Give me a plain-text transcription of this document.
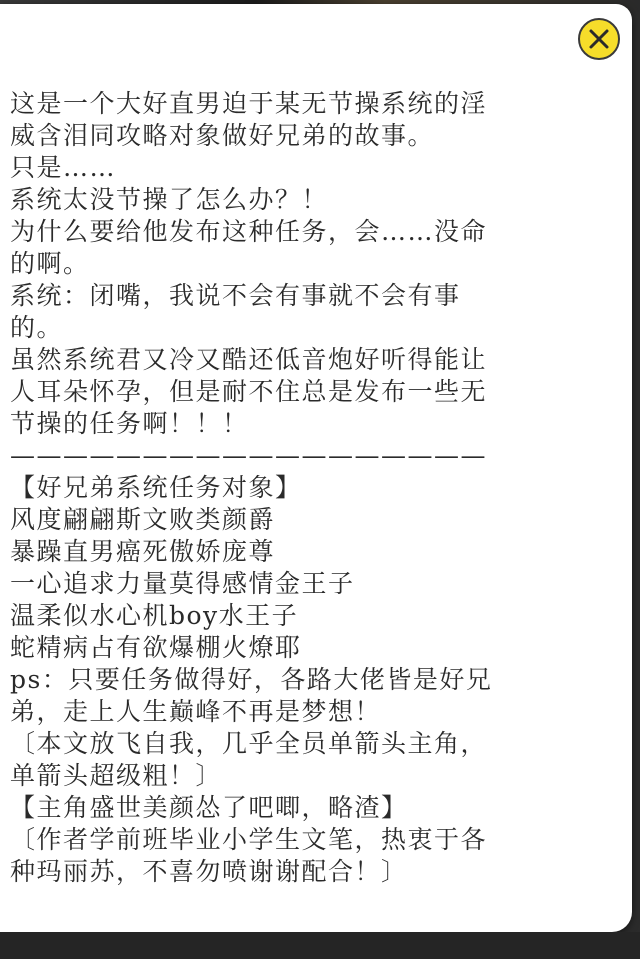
这是一个大好直男迫于某无节操系统的淫
威含泪同攻略对象做好兄弟的故事。
只是……
系统太没节操了怎么办？！
为什么要给他发布这种任务，会……没命
的啊。
系统：闭嘴，我说不会有事就不会有事
的。
虽然系统君又冷又酷还低音炮好听得能让
人耳朵怀孕，但是耐不住总是发布一些无
节操的任务啊！！！
——————————————————
【好兄弟系统任务对象】
风度翩翩斯文败类颜爵
暴躁直男癌死傲娇庞尊
一心追求力量莫得感情金王子
温柔似水心机boy水王子
蛇精病占有欲爆棚火燎耶
ps：只要任务做得好，各路大佬皆是好兄
弟，走上人生巅峰不再是梦想！
〔本文放飞自我，几乎全员单箭头主角，
单箭头超级粗！〕
【主角盛世美颜怂了吧唧，略渣】
〔作者学前班毕业小学生文笔，热衷于各
种玛丽苏，不喜勿喷谢谢配合！〕
